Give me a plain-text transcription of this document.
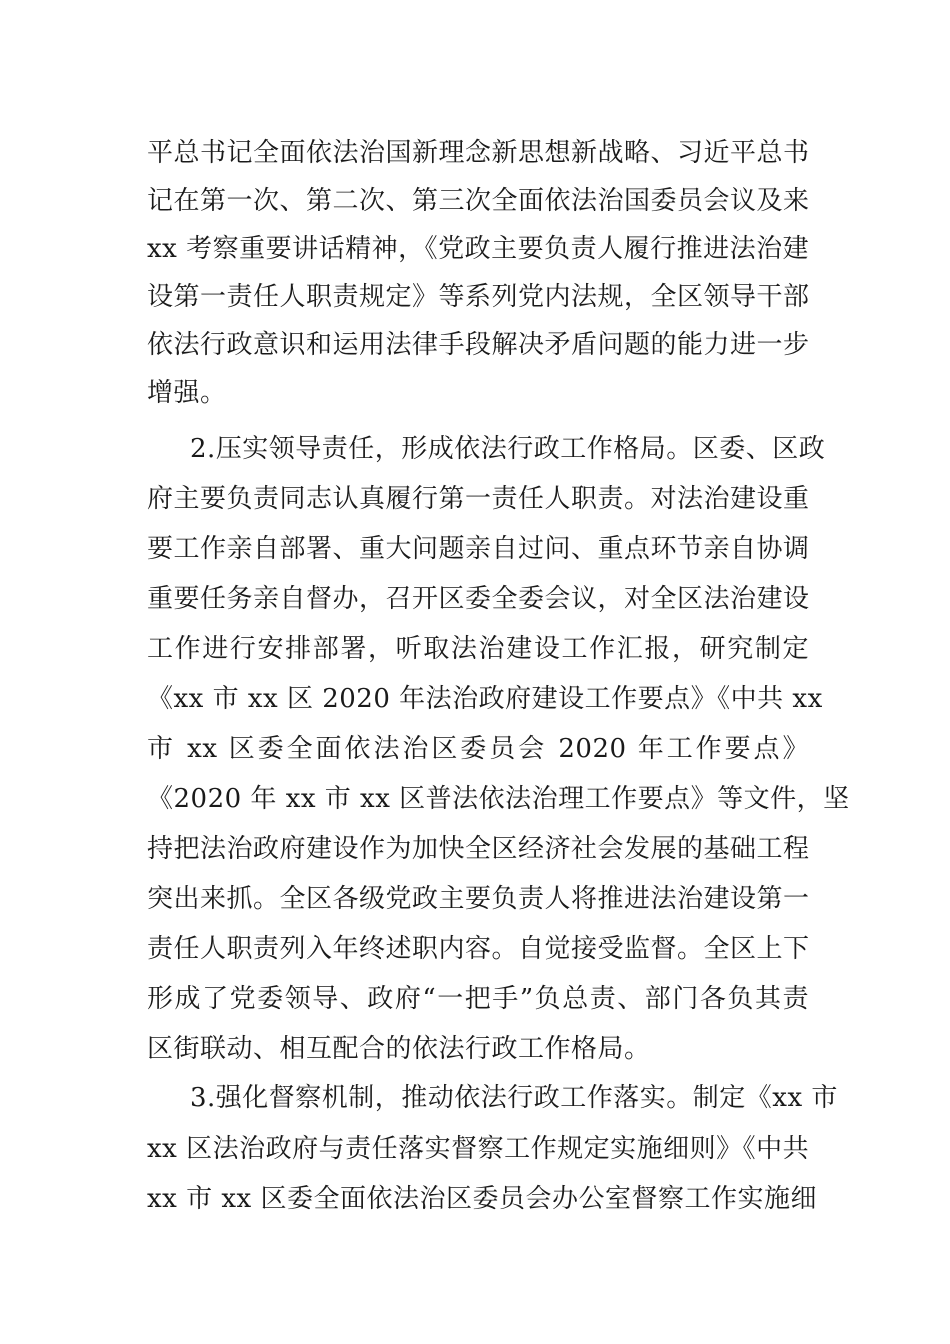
平总书记全面依法治国新理念新思想新战略、习近平总书
记在第一次、第二次、第三次全面依法治国委员会议及来
xx 考察重要讲话精神，《党政主要负责人履行推进法治建
设第一责任人职责规定》等系列党内法规，全区领导干部
依法行政意识和运用法律手段解决矛盾问题的能力进一步
增强。
2.压实领导责任，形成依法行政工作格局。区委、区政
府主要负责同志认真履行第一责任人职责。对法治建设重
要工作亲自部署、重大问题亲自过问、重点环节亲自协调
重要任务亲自督办，召开区委全委会议，对全区法治建设
工作进行安排部署，听取法治建设工作汇报，研究制定
《xx 市 xx 区 2020 年法治政府建设工作要点》《中共 xx
市 xx 区委全面依法治区委员会 2020 年工作要点》
《2020 年 xx 市 xx 区普法依法治理工作要点》等文件，坚
持把法治政府建设作为加快全区经济社会发展的基础工程
突出来抓。全区各级党政主要负责人将推进法治建设第一
责任人职责列入年终述职内容。自觉接受监督。全区上下
形成了党委领导、政府“一把手”负总责、部门各负其责
区街联动、相互配合的依法行政工作格局。
3.强化督察机制，推动依法行政工作落实。制定《xx 市
xx 区法治政府与责任落实督察工作规定实施细则》《中共
xx 市 xx 区委全面依法治区委员会办公室督察工作实施细
